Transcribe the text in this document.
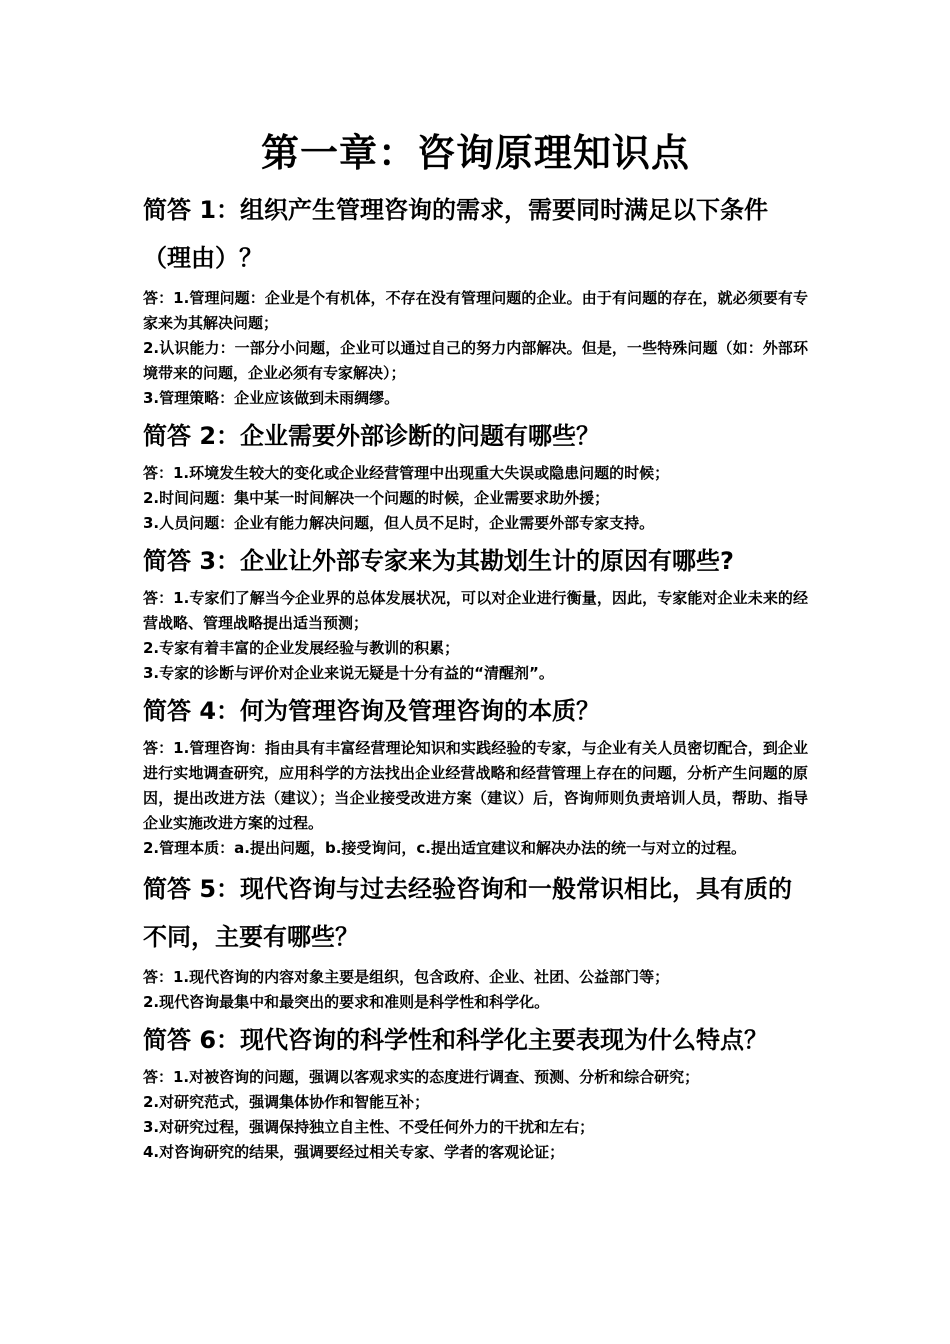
第一章：咨询原理知识点
简答 1：组织产生管理咨询的需求，需要同时满足以下条件（理由）？

答：1.管理问题：企业是个有机体，不存在没有管理问题的企业。由于有问题的存在，就必须要有专家来为其解决问题；

2.认识能力：一部分小问题，企业可以通过自己的努力内部解决。但是，一些特殊问题（如：外部环境带来的问题，企业必须有专家解决）；

3.管理策略：企业应该做到未雨绸缪。

简答 2：企业需要外部诊断的问题有哪些？

答：1.环境发生较大的变化或企业经营管理中出现重大失误或隐患问题的时候；

2.时间问题：集中某一时间解决一个问题的时候，企业需要求助外援；

3.人员问题：企业有能力解决问题，但人员不足时，企业需要外部专家支持。

简答 3：企业让外部专家来为其勘划生计的原因有哪些?

答：1.专家们了解当今企业界的总体发展状况，可以对企业进行衡量，因此，专家能对企业未来的经营战略、管理战略提出适当预测；

2.专家有着丰富的企业发展经验与教训的积累；

3.专家的诊断与评价对企业来说无疑是十分有益的“清醒剂”。

简答 4：何为管理咨询及管理咨询的本质？

答：1.管理咨询：指由具有丰富经营理论知识和实践经验的专家，与企业有关人员密切配合，到企业进行实地调查研究，应用科学的方法找出企业经营战略和经营管理上存在的问题，分析产生问题的原因，提出改进方法（建议）；当企业接受改进方案（建议）后，咨询师则负责培训人员，帮助、指导企业实施改进方案的过程。

2.管理本质：a.提出问题，b.接受询问，c.提出适宜建议和解决办法的统一与对立的过程。

简答 5：现代咨询与过去经验咨询和一般常识相比，具有质的不同，主要有哪些？

答：1.现代咨询的内容对象主要是组织，包含政府、企业、社团、公益部门等；

2.现代咨询最集中和最突出的要求和准则是科学性和科学化。

简答 6：现代咨询的科学性和科学化主要表现为什么特点？

答：1.对被咨询的问题，强调以客观求实的态度进行调查、预测、分析和综合研究；

2.对研究范式，强调集体协作和智能互补；

3.对研究过程，强调保持独立自主性、不受任何外力的干扰和左右；

4.对咨询研究的结果，强调要经过相关专家、学者的客观论证；
